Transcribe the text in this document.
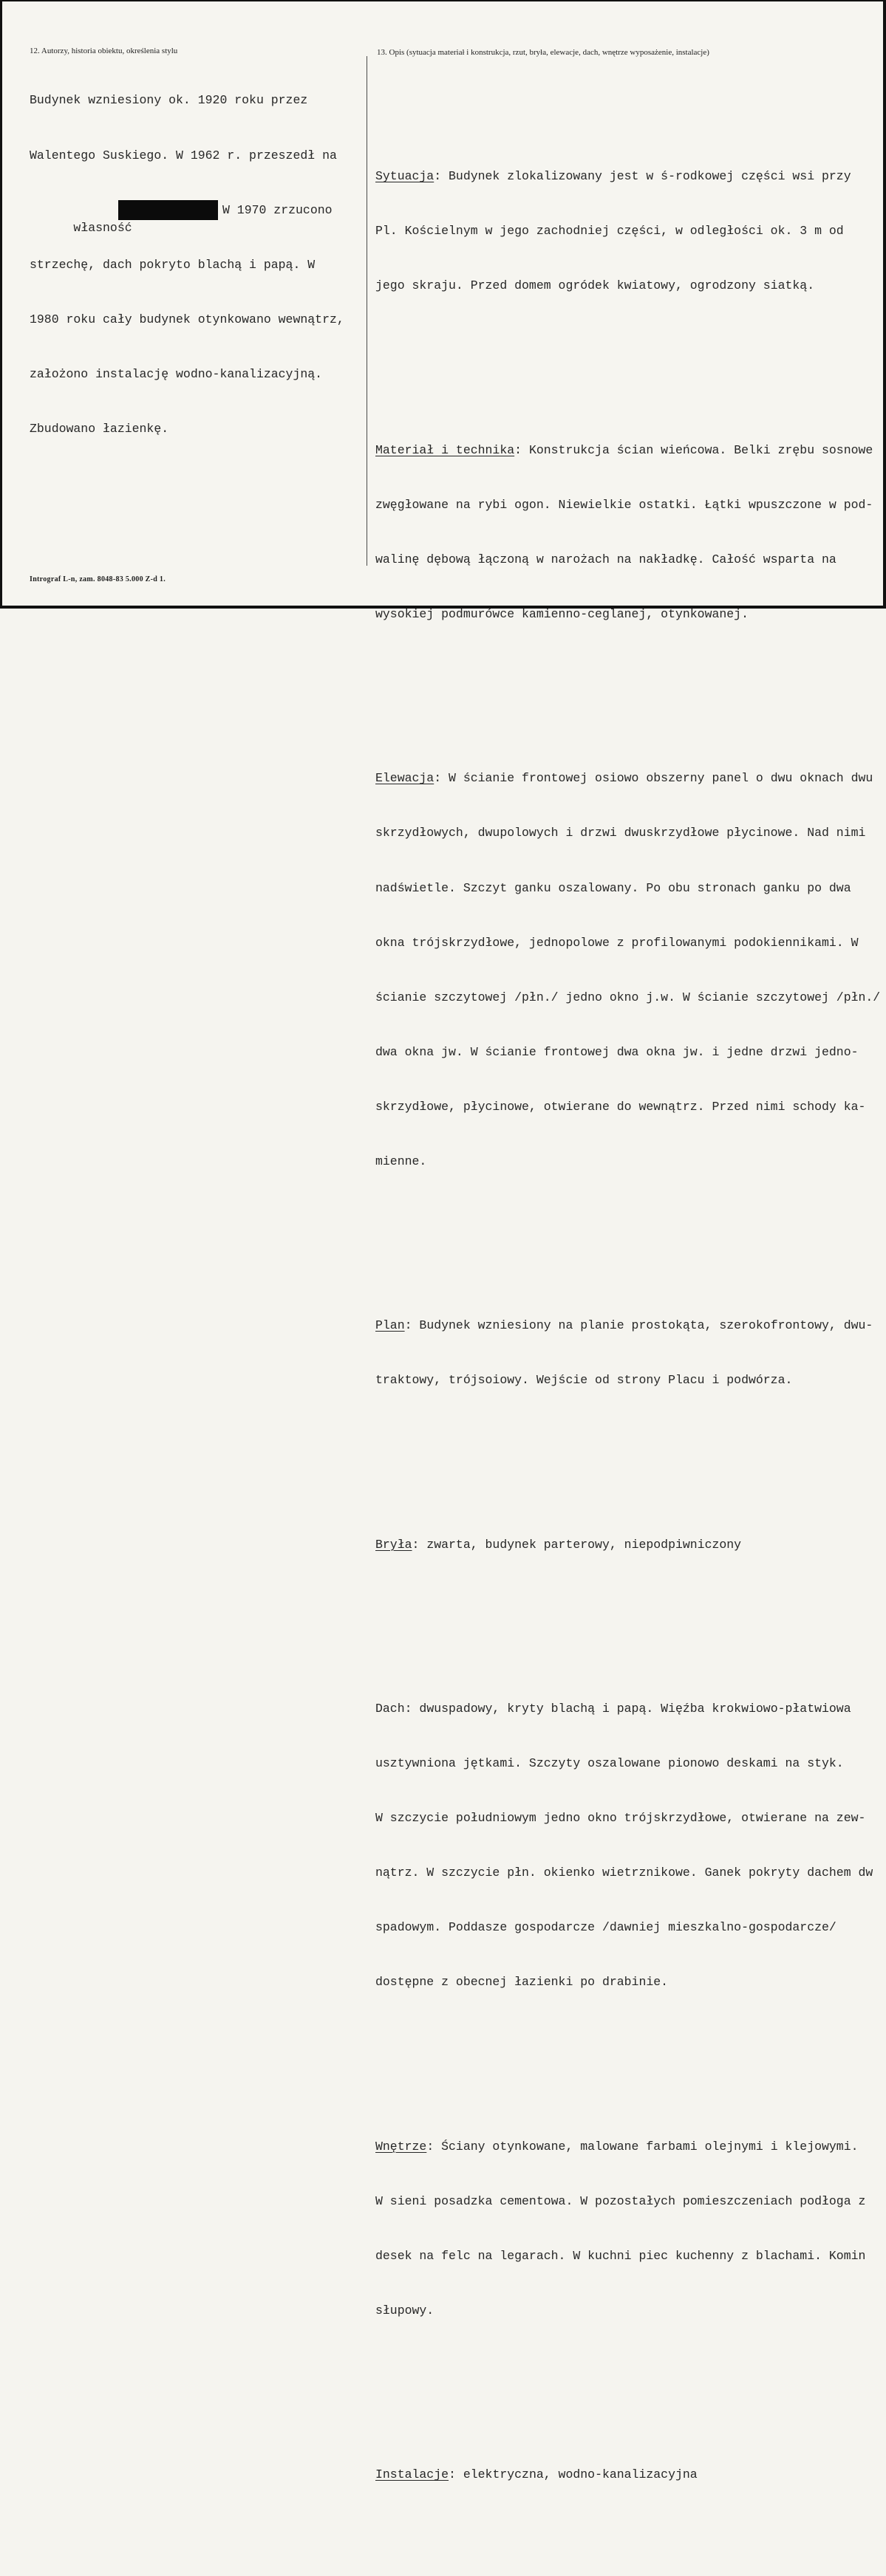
12. Autorzy, historia obiektu, określenia stylu

Budynek wzniesiony ok. 1920 roku przez

Walentego Suskiego. W 1962 r. przeszedł na

własność

W 1970 zrzucono

strzechę, dach pokryto blachą i papą. W

1980 roku cały budynek otynkowano wewnątrz,

założono instalację wodno-kanalizacyjną.

Zbudowano łazienkę.

13. Opis (sytuacja materiał i konstrukcja, rzut, bryła, elewacje, dach, wnętrze wyposażenie, instalacje)

Sytuacja: Budynek zlokalizowany jest w ś-rodkowej części wsi przy

Pl. Kościelnym w jego zachodniej części, w odległości ok. 3 m od

jego skraju. Przed domem ogródek kwiatowy, ogrodzony siatką.

Materiał i technika: Konstrukcja ścian wieńcowa. Belki zrębu sosnowe

zwęgłowane na rybi ogon. Niewielkie ostatki. Łątki wpuszczone w pod-

walinę dębową łączoną w narożach na nakładkę. Całość wsparta na

wysokiej podmurówce kamienno-ceglanej, otynkowanej.

Elewacja: W ścianie frontowej osiowo obszerny panel o dwu oknach dwu

skrzydłowych, dwupolowych i drzwi dwuskrzydłowe płycinowe. Nad nimi

nadświetle. Szczyt ganku oszalowany. Po obu stronach ganku po dwa

okna trójskrzydłowe, jednopolowe z profilowanymi podokiennikami. W

ścianie szczytowej /płn./ jedno okno j.w. W ścianie szczytowej /płn./

dwa okna jw. W ścianie frontowej dwa okna jw. i jedne drzwi jedno-

skrzydłowe, płycinowe, otwierane do wewnątrz. Przed nimi schody ka-

mienne.

Plan: Budynek wzniesiony na planie prostokąta, szerokofrontowy, dwu-

traktowy, trójsoiowy. Wejście od strony Placu i podwórza.

Bryła: zwarta, budynek parterowy, niepodpiwniczony

Dach: dwuspadowy, kryty blachą i papą. Więźba krokwiowo-płatwiowa

usztywniona jętkami. Szczyty oszalowane pionowo deskami na styk.

W szczycie południowym jedno okno trójskrzydłowe, otwierane na zew-

nątrz. W szczycie płn. okienko wietrznikowe. Ganek pokryty dachem dw

spadowym. Poddasze gospodarcze /dawniej mieszkalno-gospodarcze/

dostępne z obecnej łazienki po drabinie.

Wnętrze: Ściany otynkowane, malowane farbami olejnymi i klejowymi.

W sieni posadzka cementowa. W pozostałych pomieszczeniach podłoga z

desek na felc na legarach. W kuchni piec kuchenny z blachami. Komin

słupowy.

Instalacje: elektryczna, wodno-kanalizacyjna

Intrograf L-n, zam. 8048-83 5.000 Z-d 1.
